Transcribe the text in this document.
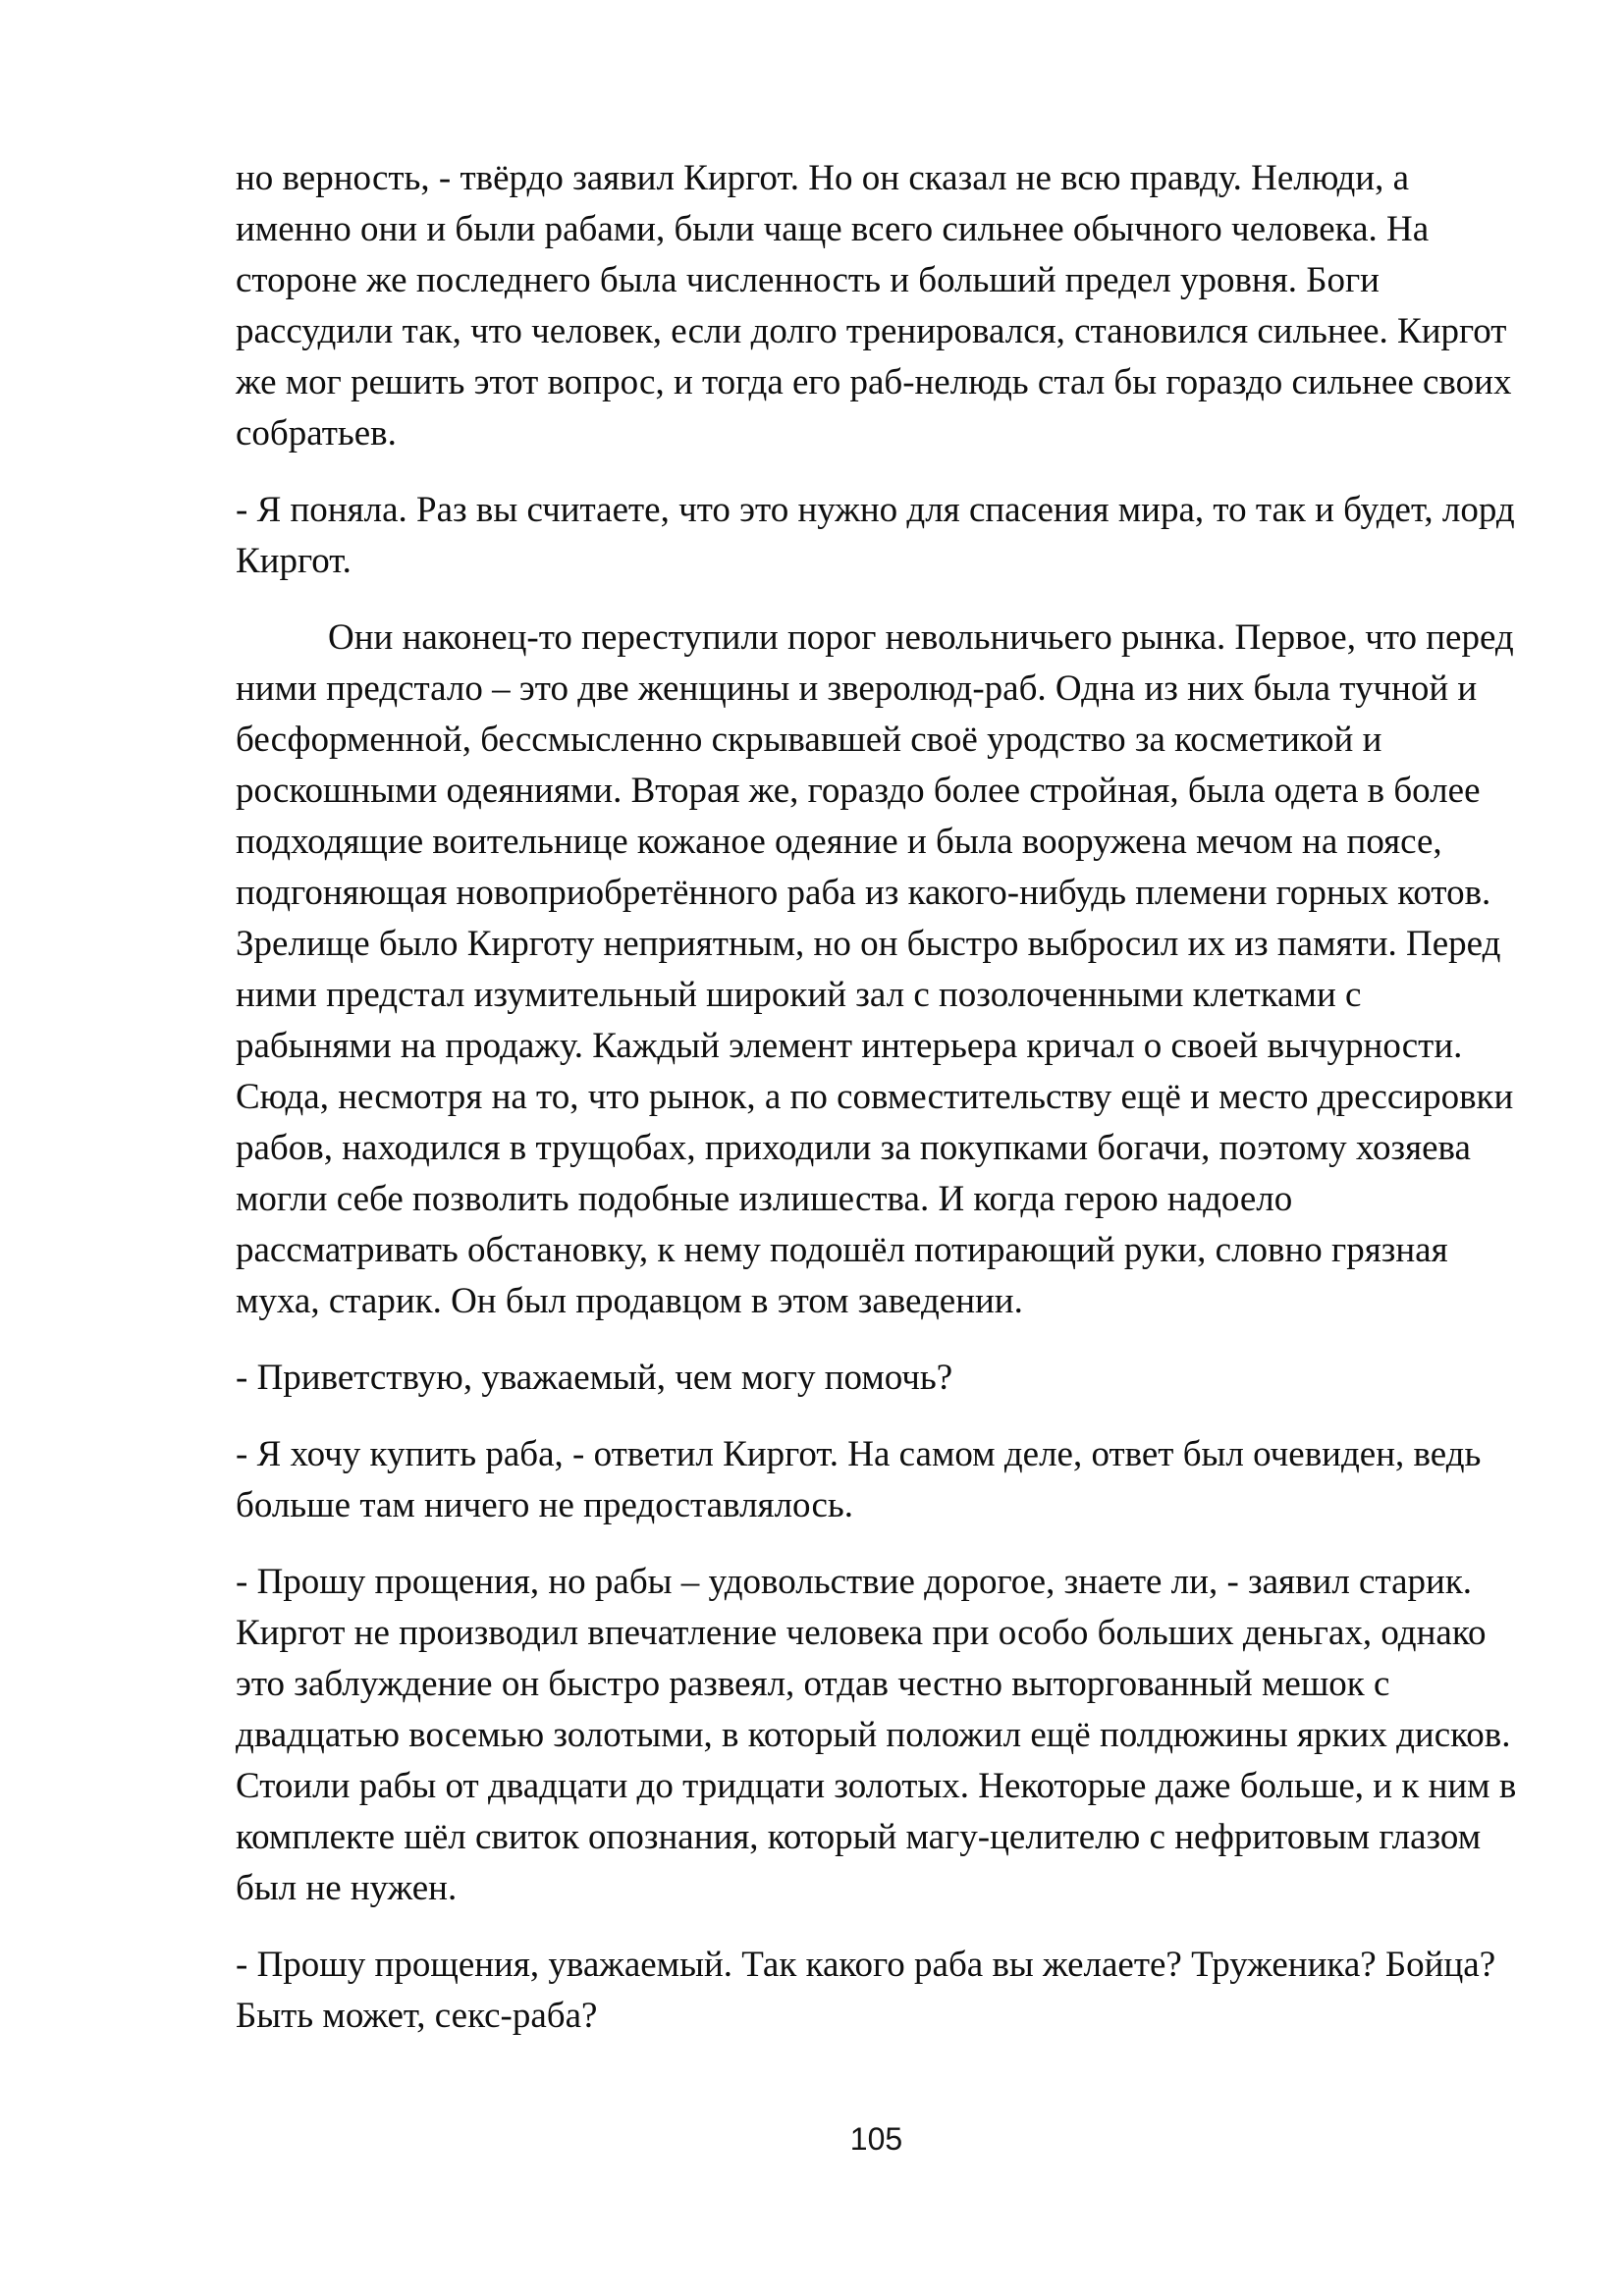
но верность, - твёрдо заявил Киргот. Но он сказал не всю правду. Нелюди, а именно они и были рабами, были чаще всего сильнее обычного человека. На стороне же последнего была численность и больший предел уровня. Боги рассудили так, что человек, если долго тренировался, становился сильнее. Киргот же мог решить этот вопрос, и тогда его раб-нелюдь стал бы гораздо сильнее своих собратьев.

- Я поняла. Раз вы считаете, что это нужно для спасения мира, то так и будет, лорд Киргот.

Они наконец-то переступили порог невольничьего рынка. Первое, что перед ними предстало – это две женщины и зверолюд-раб. Одна из них была тучной и бесформенной, бессмысленно скрывавшей своё уродство за косметикой и роскошными одеяниями. Вторая же, гораздо более стройная, была одета в более подходящие воительнице кожаное одеяние и была вооружена мечом на поясе, подгоняющая новоприобретённого раба из какого-нибудь племени горных котов. Зрелище было Кирготу неприятным, но он быстро выбросил их из памяти. Перед ними предстал изумительный широкий зал с позолоченными клетками с рабынями на продажу. Каждый элемент интерьера кричал о своей вычурности. Сюда, несмотря на то, что рынок, а по совместительству ещё и место дрессировки рабов, находился в трущобах, приходили за покупками богачи, поэтому хозяева могли себе позволить подобные излишества. И когда герою надоело рассматривать обстановку, к нему подошёл потирающий руки, словно грязная муха, старик. Он был продавцом в этом заведении.

- Приветствую, уважаемый, чем могу помочь?

- Я хочу купить раба, - ответил Киргот. На самом деле, ответ был очевиден, ведь больше там ничего не предоставлялось.

- Прошу прощения, но рабы – удовольствие дорогое, знаете ли, - заявил старик. Киргот не производил впечатление человека при особо больших деньгах, однако это заблуждение он быстро развеял, отдав честно выторгованный мешок с двадцатью восемью золотыми, в который положил ещё полдюжины ярких дисков. Стоили рабы от двадцати до тридцати золотых. Некоторые даже больше, и к ним в комплекте шёл свиток опознания, который магу-целителю с нефритовым глазом был не нужен.

- Прошу прощения, уважаемый. Так какого раба вы желаете? Труженика? Бойца? Быть может, секс-раба?

105
